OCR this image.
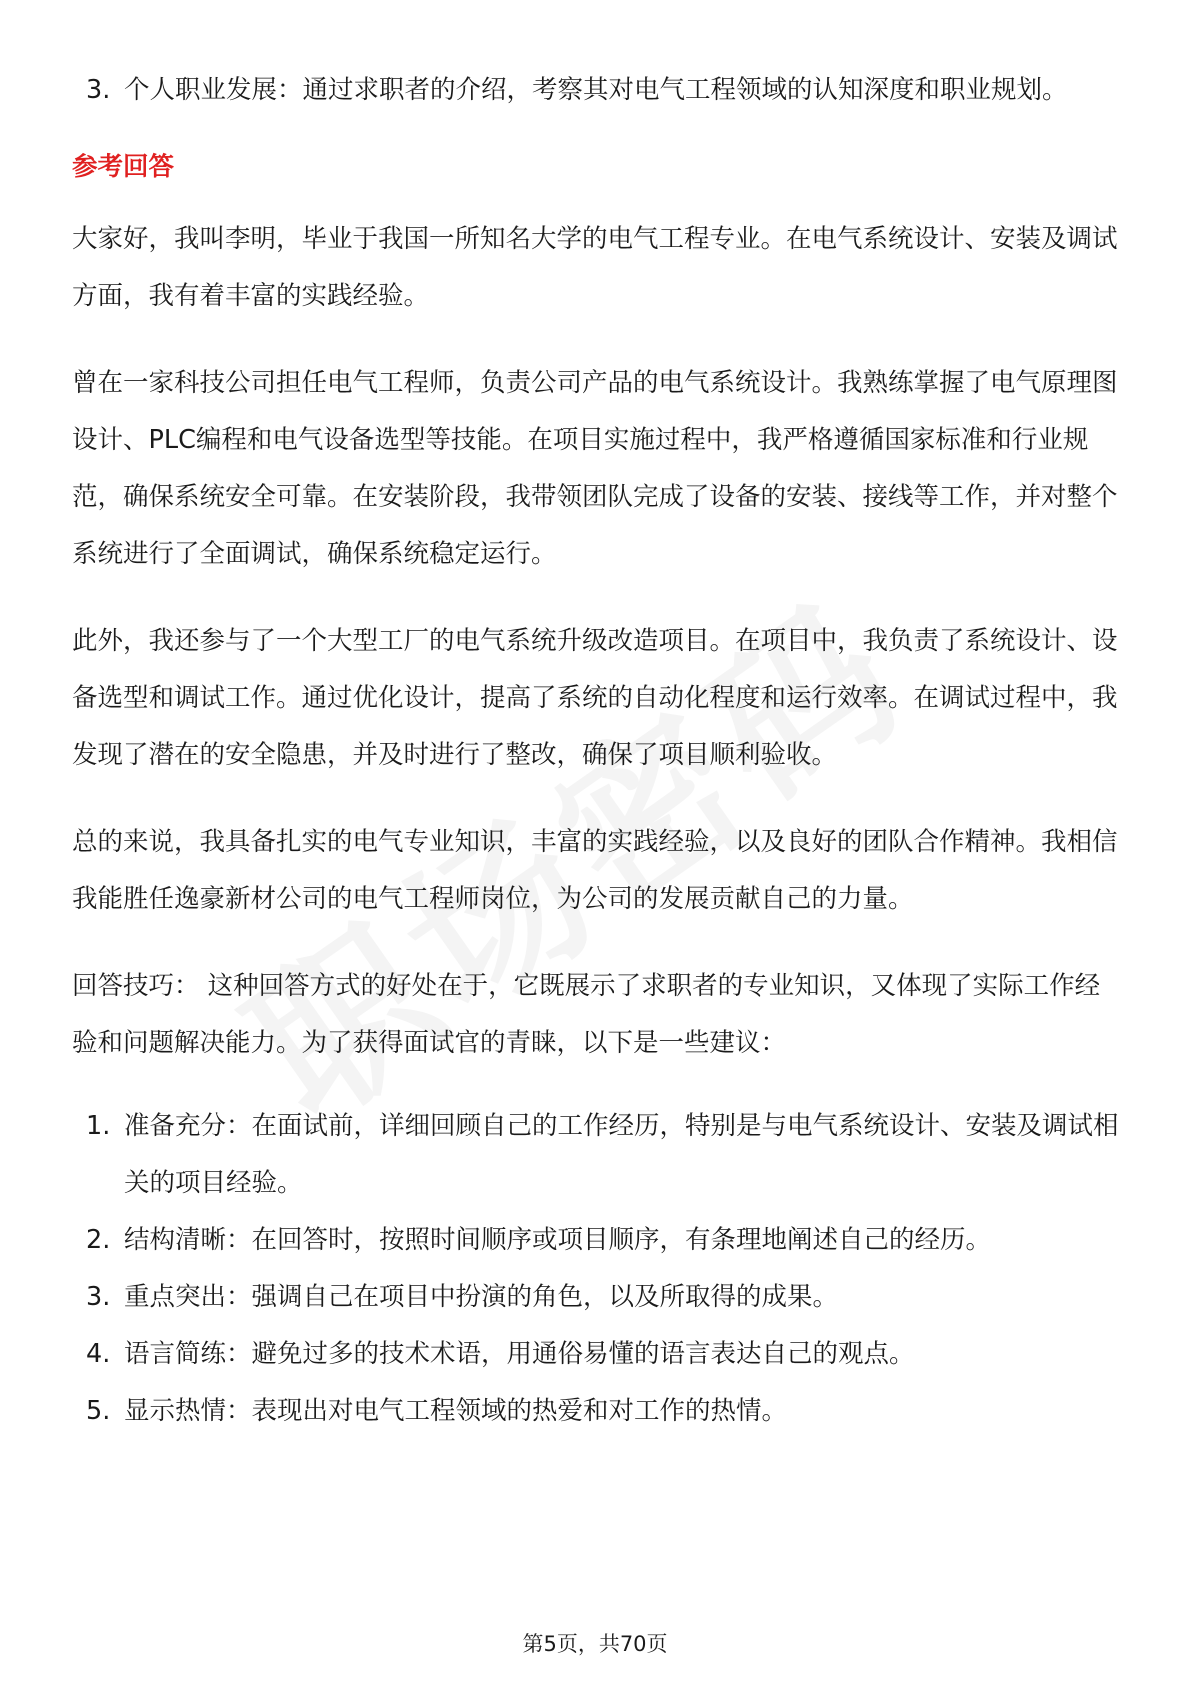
3. 个人职业发展：通过求职者的介绍，考察其对电气工程领域的认知深度和职业规划。
参考回答

大家好，我叫李明，毕业于我国一所知名大学的电气工程专业。在电气系统设计、安装及调试方面，我有着丰富的实践经验。

曾在一家科技公司担任电气工程师，负责公司产品的电气系统设计。我熟练掌握了电气原理图设计、PLC编程和电气设备选型等技能。在项目实施过程中，我严格遵循国家标准和行业规范，确保系统安全可靠。在安装阶段，我带领团队完成了设备的安装、接线等工作，并对整个系统进行了全面调试，确保系统稳定运行。

此外，我还参与了一个大型工厂的电气系统升级改造项目。在项目中，我负责了系统设计、设备选型和调试工作。通过优化设计，提高了系统的自动化程度和运行效率。在调试过程中，我发现了潜在的安全隐患，并及时进行了整改，确保了项目顺利验收。

总的来说，我具备扎实的电气专业知识，丰富的实践经验，以及良好的团队合作精神。我相信我能胜任逸豪新材公司的电气工程师岗位，为公司的发展贡献自己的力量。

回答技巧： 这种回答方式的好处在于，它既展示了求职者的专业知识，又体现了实际工作经验和问题解决能力。为了获得面试官的青睐，以下是一些建议：

1. 准备充分：在面试前，详细回顾自己的工作经历，特别是与电气系统设计、安装及调试相关的项目经验。
2. 结构清晰：在回答时，按照时间顺序或项目顺序，有条理地阐述自己的经历。
3. 重点突出：强调自己在项目中扮演的角色，以及所取得的成果。
4. 语言简练：避免过多的技术术语，用通俗易懂的语言表达自己的观点。
5. 显示热情：表现出对电气工程领域的热爱和对工作的热情。
第5页，共70页
